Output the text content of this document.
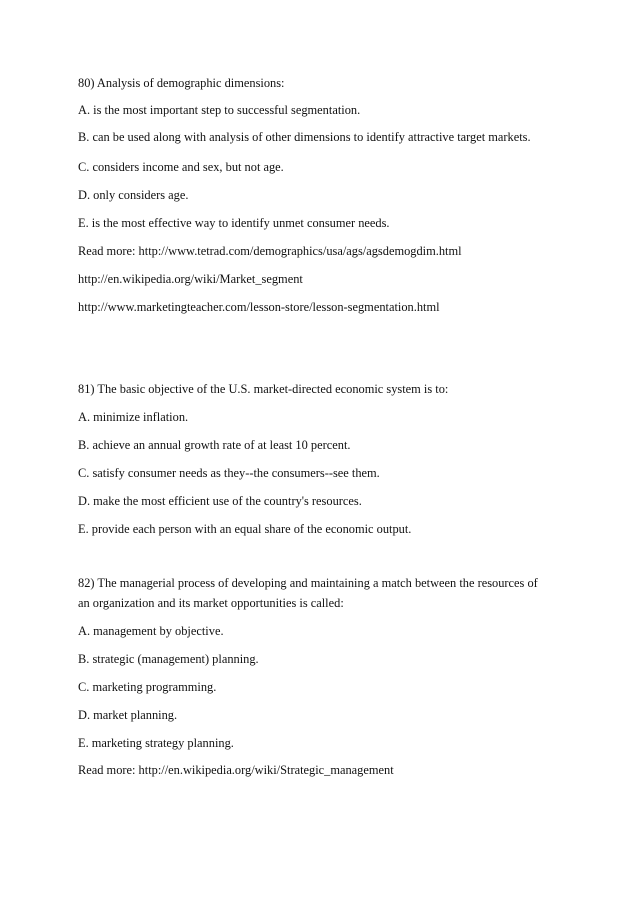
80) Analysis of demographic dimensions:

A. is the most important step to successful segmentation.

B. can be used along with analysis of other dimensions to identify attractive target markets.

C. considers income and sex, but not age.

D. only considers age.

E. is the most effective way to identify unmet consumer needs.

Read more: http://www.tetrad.com/demographics/usa/ags/agsdemogdim.html

http://en.wikipedia.org/wiki/Market_segment

http://www.marketingteacher.com/lesson-store/lesson-segmentation.html

81) The basic objective of the U.S. market-directed economic system is to:

A. minimize inflation.

B. achieve an annual growth rate of at least 10 percent.

C. satisfy consumer needs as they--the consumers--see them.

D. make the most efficient use of the country's resources.

E. provide each person with an equal share of the economic output.

82) The managerial process of developing and maintaining a match between the resources of

an organization and its market opportunities is called:

A. management by objective.

B. strategic (management) planning.

C. marketing programming.

D. market planning.

E. marketing strategy planning.

Read more: http://en.wikipedia.org/wiki/Strategic_management
